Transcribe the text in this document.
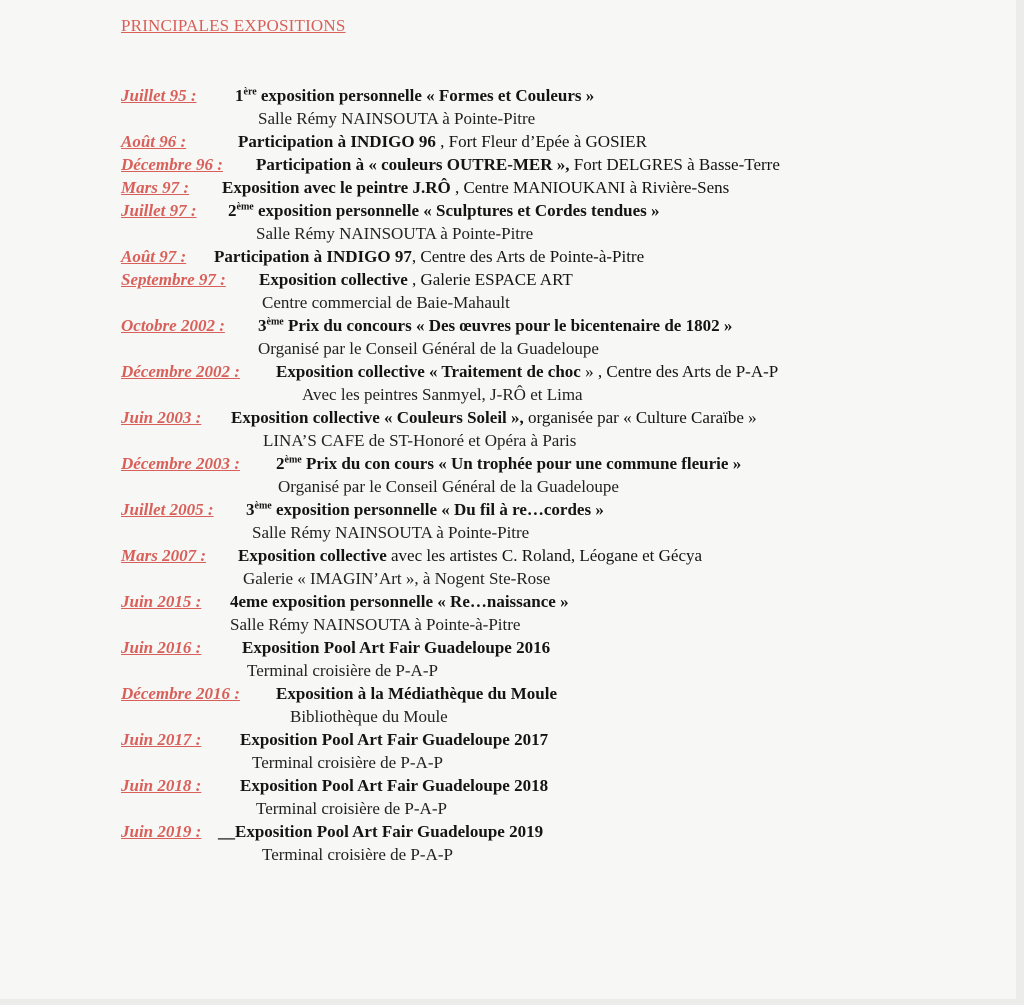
PRINCIPALES EXPOSITIONS
Juillet 95 : 1ère exposition personnelle « Formes et Couleurs »
Salle Rémy NAINSOUTA à Pointe-Pitre
Août 96 :	Participation à INDIGO 96 , Fort Fleur d’Epée à GOSIER
Décembre 96 : Participation à « couleurs OUTRE-MER », Fort DELGRES à Basse-Terre
Mars 97 : Exposition avec le peintre J.RÔ , Centre MANIOUKANI à Rivière-Sens
Juillet 97 : 2ème exposition personnelle « Sculptures et Cordes tendues »
Salle Rémy NAINSOUTA à Pointe-Pitre
Août 97 : Participation à INDIGO 97, Centre des Arts de Pointe-à-Pitre
Septembre 97 : Exposition collective , Galerie ESPACE ART
Centre commercial de Baie-Mahault
Octobre 2002 : 3ème Prix du concours « Des œuvres pour le bicentenaire de 1802 »
Organisé par le Conseil Général de la Guadeloupe
Décembre 2002 : Exposition collective « Traitement de choc » , Centre des Arts de P-A-P
Avec les peintres Sanmyel, J-RÔ et Lima
Juin 2003 : Exposition collective « Couleurs Soleil », organisée par « Culture Caraïbe »
LINA’S CAFE de ST-Honoré et Opéra à Paris
Décembre 2003 : 2ème Prix du con cours « Un trophée pour une commune fleurie »
Organisé par le Conseil Général de la Guadeloupe
Juillet 2005 : 3ème exposition personnelle « Du fil à re…cordes »
Salle Rémy NAINSOUTA à Pointe-Pitre
Mars 2007 : Exposition collective avec les artistes C. Roland, Léogane et Gécya
Galerie « IMAGIN’Art », à Nogent Ste-Rose
Juin 2015 : 4eme exposition personnelle « Re…naissance »
Salle Rémy NAINSOUTA à Pointe-à-Pitre
Juin 2016 : Exposition Pool Art Fair Guadeloupe 2016
Terminal croisière de P-A-P
Décembre 2016 : Exposition à la Médiathèque du Moule
Bibliothèque du Moule
Juin 2017 : Exposition Pool Art Fair Guadeloupe 2017
Terminal croisière de P-A-P
Juin 2018 : Exposition Pool Art Fair Guadeloupe 2018
Terminal croisière de P-A-P
Juin 2019 : __Exposition Pool Art Fair Guadeloupe 2019
Terminal croisière de P-A-P
